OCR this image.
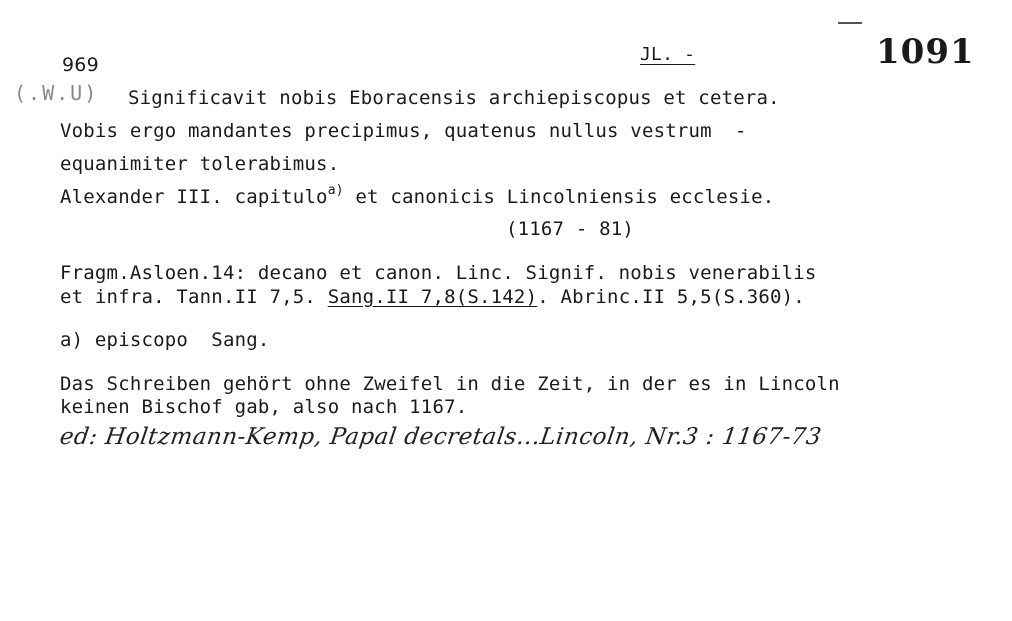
969	JL. -	1091
(.W.U) Significavit nobis Eboracensis archiepiscopus et cetera.
Vobis ergo mandantes precipimus, quatenus nullus vestrum  -
equanimiter tolerabimus.
Alexander III. capitulo$^{a)}$ et canonicis Lincolniensis ecclesie.
(1167 - 81)
Fragm.Asloen.14: decano et canon. Linc. Signif. nobis venerabilis
et infra. Tann.II 7,5. Sang.II 7,8(S.142). Abrinc.II 5,5(S.360).
a) episcopo  Sang.
Das Schreiben gehört ohne Zweifel in die Zeit, in der es in Lincoln
keinen Bischof gab, also nach 1167.
ed: Holtzmann-Kemp, Papal decretals...Lincoln, Nr.3 : 1167-73
